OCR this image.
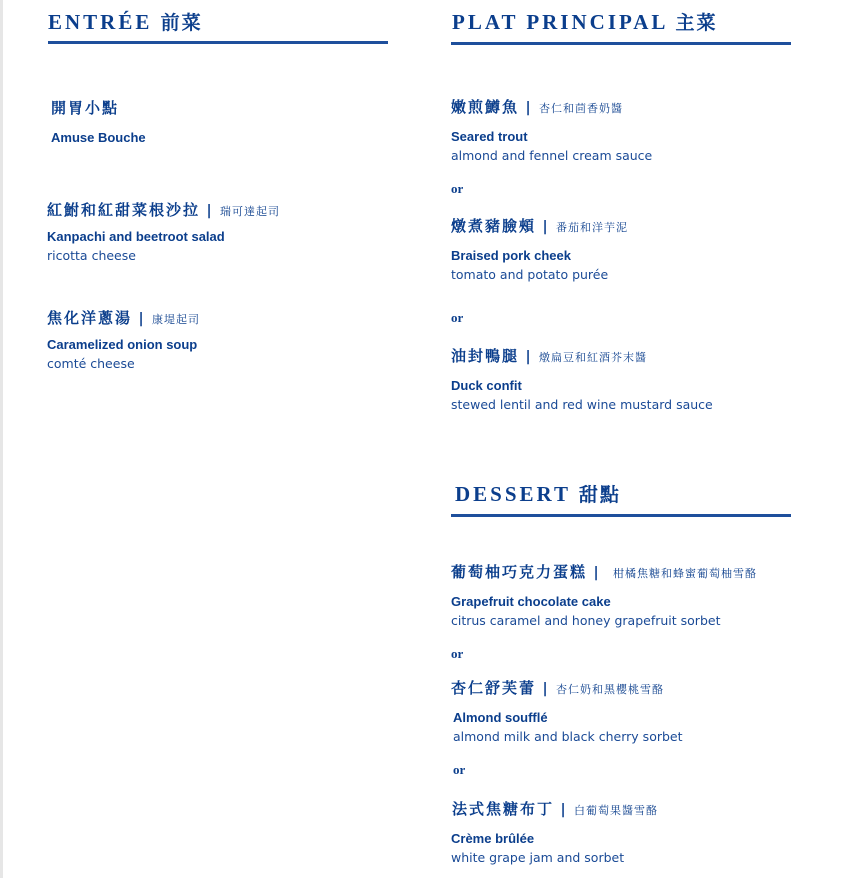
ENTRÉE 前菜
開胃小點
Amuse Bouche
紅鮒和紅甜菜根沙拉 | 瑞可達起司
Kanpachi and beetroot salad
ricotta cheese
焦化洋蔥湯 | 康堤起司
Caramelized onion soup
comté cheese
PLAT PRINCIPAL 主菜
嫩煎鱒魚 | 杏仁和茴香奶醬
Seared trout
almond and fennel cream sauce
or
燉煮豬臉頰 | 番茄和洋芋泥
Braised pork cheek
tomato and potato purée
or
油封鴨腿 | 燉扁豆和紅酒芥末醬
Duck confit
stewed lentil and red wine mustard sauce
DESSERT 甜點
葡萄柚巧克力蛋糕 | 柑橘焦糖和蜂蜜葡萄柚雪酪
Grapefruit chocolate cake
citrus caramel and honey grapefruit sorbet
or
杏仁舒芙蕾 | 杏仁奶和黑櫻桃雪酪
Almond soufflé
almond milk and black cherry sorbet
or
法式焦糖布丁 | 白葡萄果醬雪酪
Crème brûlée
white grape jam and sorbet
